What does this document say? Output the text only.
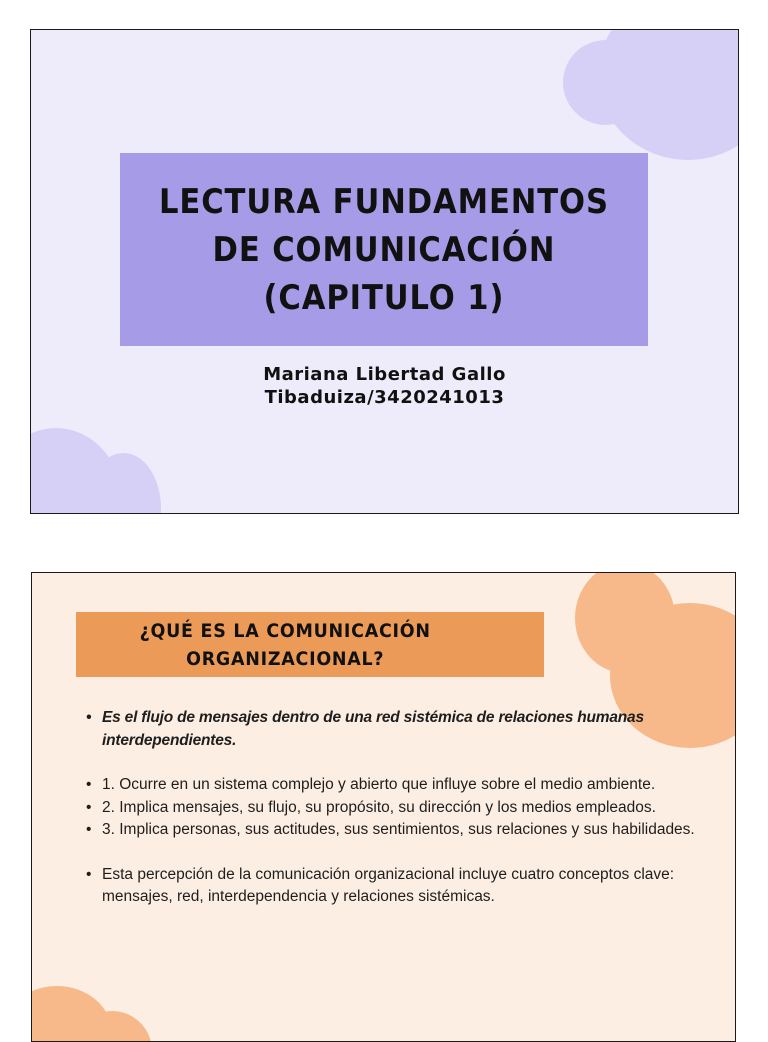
LECTURA FUNDAMENTOS
DE COMUNICACIÓN
(CAPITULO 1)
Mariana Libertad Gallo
Tibaduiza/3420241013
¿QUÉ ES LA COMUNICACIÓN
ORGANIZACIONAL?
• Es el flujo de mensajes dentro de una red sistémica de relaciones humanas interdependientes.
• 1. Ocurre en un sistema complejo y abierto que influye sobre el medio ambiente.
• 2. Implica mensajes, su flujo, su propósito, su dirección y los medios empleados.
• 3. Implica personas, sus actitudes, sus sentimientos, sus relaciones y sus habilidades.
• Esta percepción de la comunicación organizacional incluye cuatro conceptos clave: mensajes, red, interdependencia y relaciones sistémicas.
